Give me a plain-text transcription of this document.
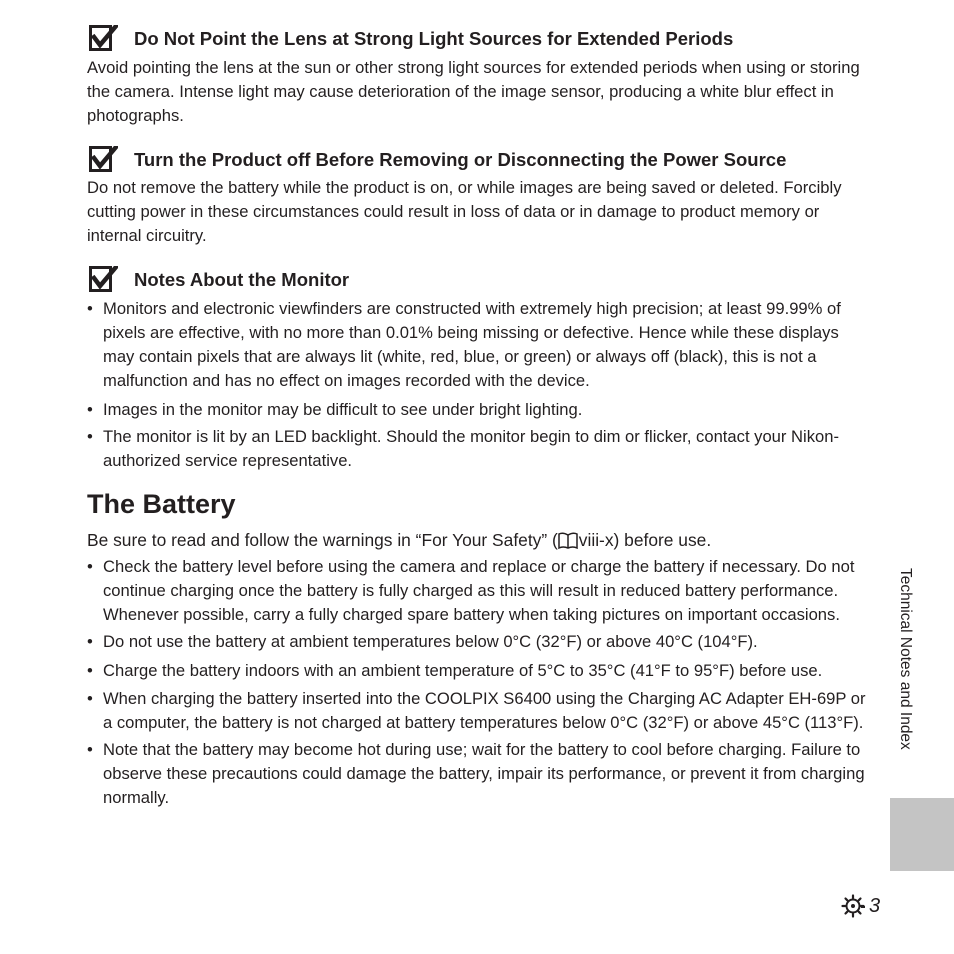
Do Not Point the Lens at Strong Light Sources for Extended Periods

Avoid pointing the lens at the sun or other strong light sources for extended periods when using or storing the camera. Intense light may cause deterioration of the image sensor, producing a white blur effect in photographs.

Turn the Product off Before Removing or Disconnecting the Power Source

Do not remove the battery while the product is on, or while images are being saved or deleted. Forcibly cutting power in these circumstances could result in loss of data or in damage to product memory or internal circuitry.

Notes About the Monitor
• Monitors and electronic viewfinders are constructed with extremely high precision; at least 99.99% of pixels are effective, with no more than 0.01% being missing or defective. Hence while these displays may contain pixels that are always lit (white, red, blue, or green) or always off (black), this is not a malfunction and has no effect on images recorded with the device.
• Images in the monitor may be difficult to see under bright lighting.
• The monitor is lit by an LED backlight. Should the monitor begin to dim or flicker, contact your Nikon-authorized service representative.
The Battery

Be sure to read and follow the warnings in “For Your Safety” ( viii-x) before use.

• Check the battery level before using the camera and replace or charge the battery if necessary. Do not continue charging once the battery is fully charged as this will result in reduced battery performance. Whenever possible, carry a fully charged spare battery when taking pictures on important occasions.
• Do not use the battery at ambient temperatures below 0°C (32°F) or above 40°C (104°F).
• Charge the battery indoors with an ambient temperature of 5°C to 35°C (41°F to 95°F) before use.
• When charging the battery inserted into the COOLPIX S6400 using the Charging AC Adapter EH-69P or a computer, the battery is not charged at battery temperatures below 0°C (32°F) or above 45°C (113°F).
• Note that the battery may become hot during use; wait for the battery to cool before charging. Failure to observe these precautions could damage the battery, impair its performance, or prevent it from charging normally.
Technical Notes and Index
3
